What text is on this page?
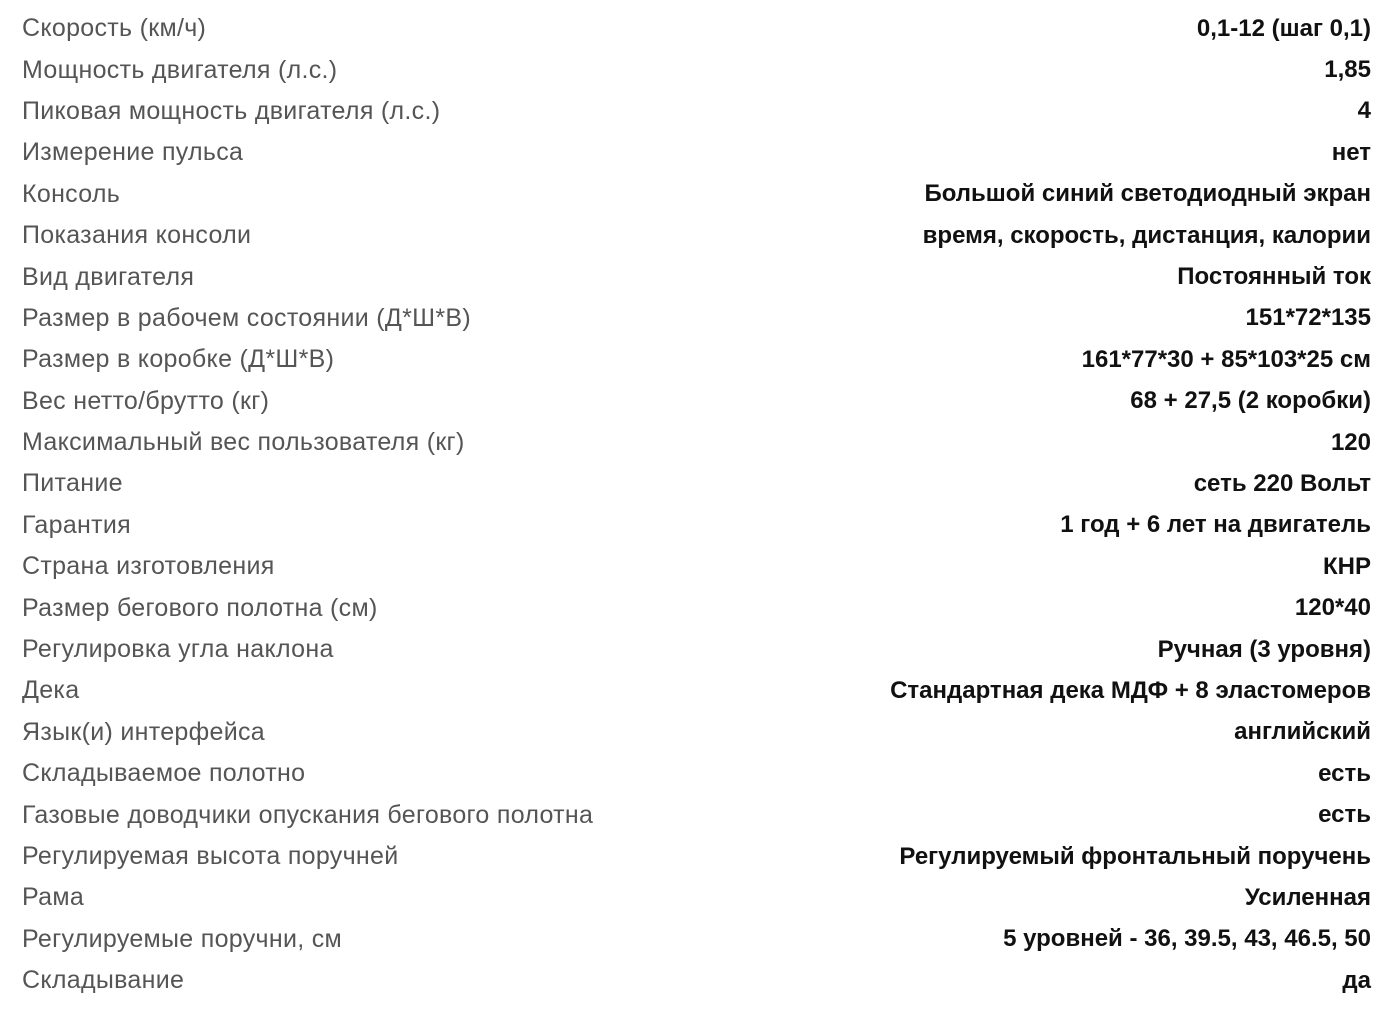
Скорость (км/ч)	0,1-12 (шаг 0,1)
Мощность двигателя (л.с.)	1,85
Пиковая мощность двигателя (л.с.)	4
Измерение пульса	нет
Консоль	Большой синий светодиодный экран
Показания консоли	время, скорость, дистанция, калории
Вид двигателя	Постоянный ток
Размер в рабочем состоянии (Д*Ш*В)	151*72*135
Размер в коробке (Д*Ш*В)	161*77*30 + 85*103*25 см
Вес нетто/брутто (кг)	68 + 27,5 (2 коробки)
Максимальный вес пользователя (кг)	120
Питание	сеть 220 Вольт
Гарантия	1 год + 6 лет на двигатель
Страна изготовления	КНР
Размер бегового полотна (см)	120*40
Регулировка угла наклона	Ручная (3 уровня)
Дека	Стандартная дека МДФ + 8 эластомеров
Язык(и) интерфейса	английский
Складываемое полотно	есть
Газовые доводчики опускания бегового полотна	есть
Регулируемая высота поручней	Регулируемый фронтальный поручень
Рама	Усиленная
Регулируемые поручни, см	5 уровней - 36, 39.5, 43, 46.5, 50
Складывание	да
